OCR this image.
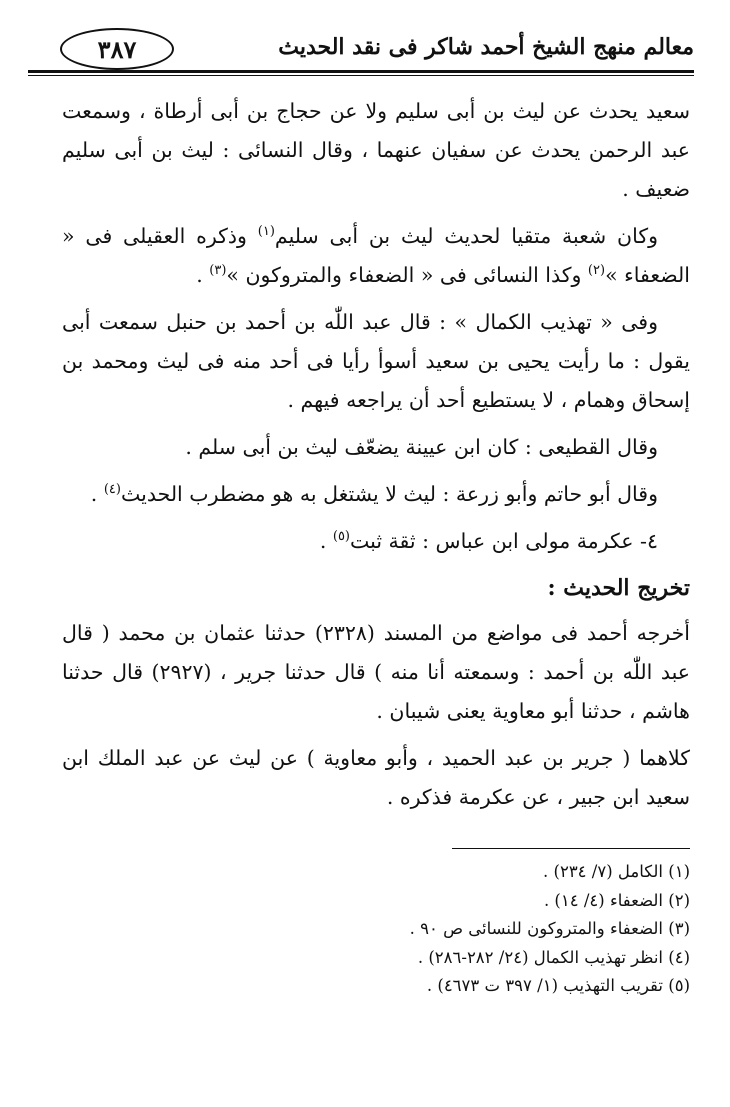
معالم منهج الشيخ أحمد شاكر فى نقد الحديث
٣٨٧

سعيد يحدث عن ليث بن أبى سليم ولا عن حجاج بن أبى أرطاة ، وسمعت عبد الرحمن يحدث عن سفيان عنهما ، وقال النسائى : ليث بن أبى سليم ضعيف .

وكان شعبة متقيا لحديث ليث بن أبى سليم$^{(١)}$ وذكره العقيلى فى « الضعفاء »$^{(٢)}$ وكذا النسائى فى « الضعفاء والمتروكون »$^{(٣)}$ .

وفى « تهذيب الكمال » : قال عبد اللّٰه بن أحمد بن حنبل سمعت أبى يقول : ما رأيت يحيى بن سعيد أسوأ رأيا فى أحد منه فى ليث ومحمد بن إسحاق وهمام ، لا يستطيع أحد أن يراجعه فيهم .

وقال القطيعى : كان ابن عيينة يضعّف ليث بن أبى سلم .

وقال أبو حاتم وأبو زرعة : ليث لا يشتغل به هو مضطرب الحديث$^{(٤)}$ .

٤- عكرمة مولى ابن عباس : ثقة ثبت$^{(٥)}$ .

تخريج الحديث :

أخرجه أحمد فى مواضع من المسند (٢٣٢٨) حدثنا عثمان بن محمد ( قال عبد اللّٰه بن أحمد : وسمعته أنا منه ) قال حدثنا جرير ، (٢٩٢٧) قال حدثنا هاشم ، حدثنا أبو معاوية يعنى شيبان .

كلاهما ( جرير بن عبد الحميد ، وأبو معاوية ) عن ليث عن عبد الملك ابن سعيد ابن جبير ، عن عكرمة فذكره .

(١) الكامل (٧/ ٢٣٤) .
(٢) الضعفاء (٤/ ١٤) .
(٣) الضعفاء والمتروكون للنسائى ص ٩٠ .
(٤) انظر تهذيب الكمال (٢٤/ ٢٨٢-٢٨٦) .
(٥) تقريب التهذيب (١/ ٣٩٧ ت ٤٦٧٣) .
